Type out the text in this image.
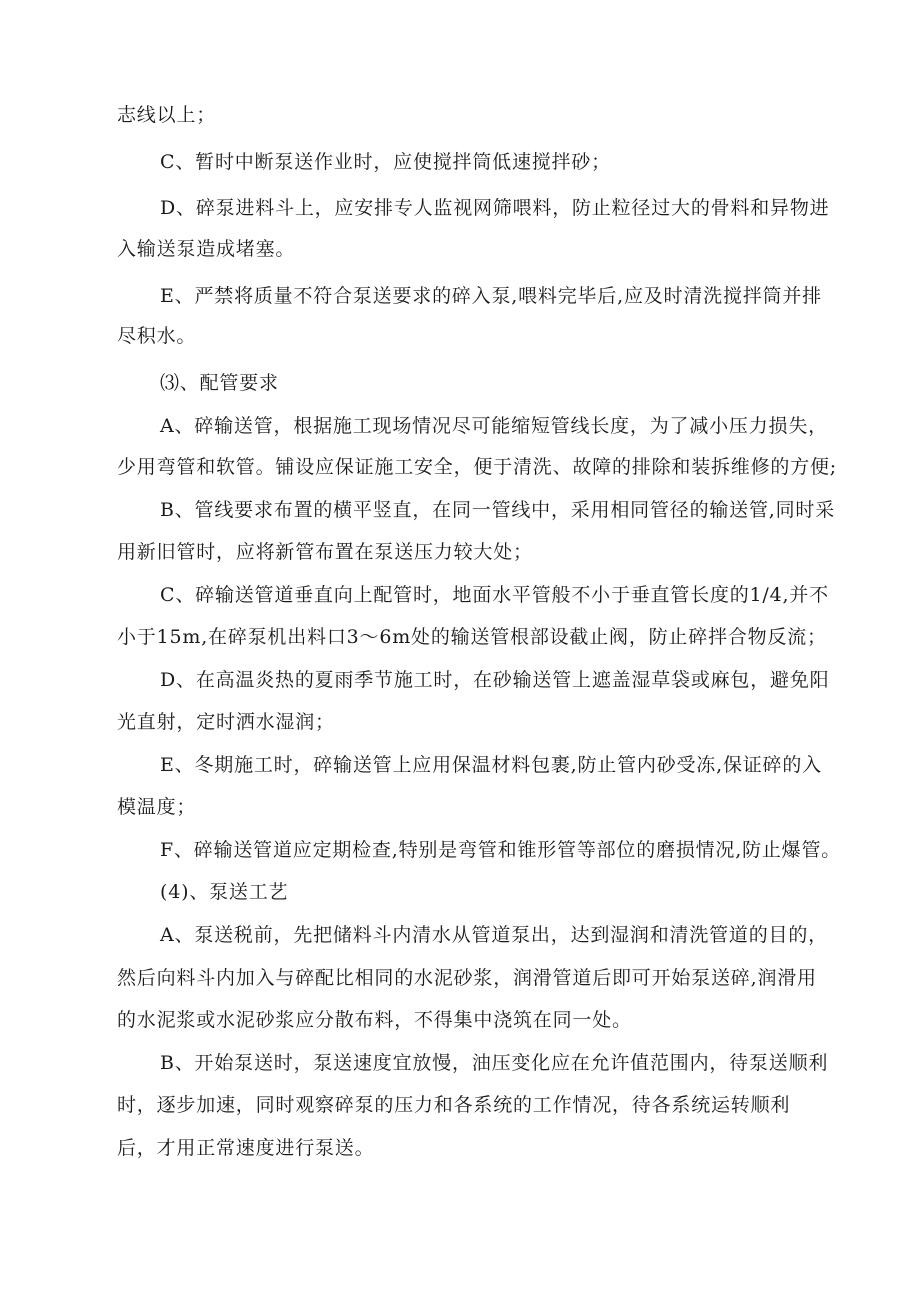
志线以上；
C、暂时中断泵送作业时，应使搅拌筒低速搅拌砂；
D、碎泵进料斗上，应安排专人监视网筛喂料，防止粒径过大的骨料和异物进
入输送泵造成堵塞。
E、严禁将质量不符合泵送要求的碎入泵,喂料完毕后,应及时清洗搅拌筒并排
尽积水。
⑶、配管要求
A、碎输送管，根据施工现场情况尽可能缩短管线长度，为了减小压力损失，
少用弯管和软管。铺设应保证施工安全，便于清洗、故障的排除和装拆维修的方便;
B、管线要求布置的横平竖直，在同一管线中，采用相同管径的输送管,同时采
用新旧管时，应将新管布置在泵送压力较大处；
C、碎输送管道垂直向上配管时，地面水平管般不小于垂直管长度的1/4,并不
小于15m,在碎泵机出料口3～6m处的输送管根部设截止阀，防止碎拌合物反流；
D、在高温炎热的夏雨季节施工时，在砂输送管上遮盖湿草袋或麻包，避免阳
光直射，定时洒水湿润；
E、冬期施工时，碎输送管上应用保温材料包裹,防止管内砂受冻,保证碎的入
模温度；
F、碎输送管道应定期检查,特别是弯管和锥形管等部位的磨损情况,防止爆管。
(4)、泵送工艺
A、泵送税前，先把储料斗内清水从管道泵出，达到湿润和清洗管道的目的，
然后向料斗内加入与碎配比相同的水泥砂浆，润滑管道后即可开始泵送碎,润滑用
的水泥浆或水泥砂浆应分散布料，不得集中浇筑在同一处。
B、开始泵送时，泵送速度宜放慢，油压变化应在允许值范围内，待泵送顺利
时，逐步加速，同时观察碎泵的压力和各系统的工作情况，待各系统运转顺利
后，才用正常速度进行泵送。
